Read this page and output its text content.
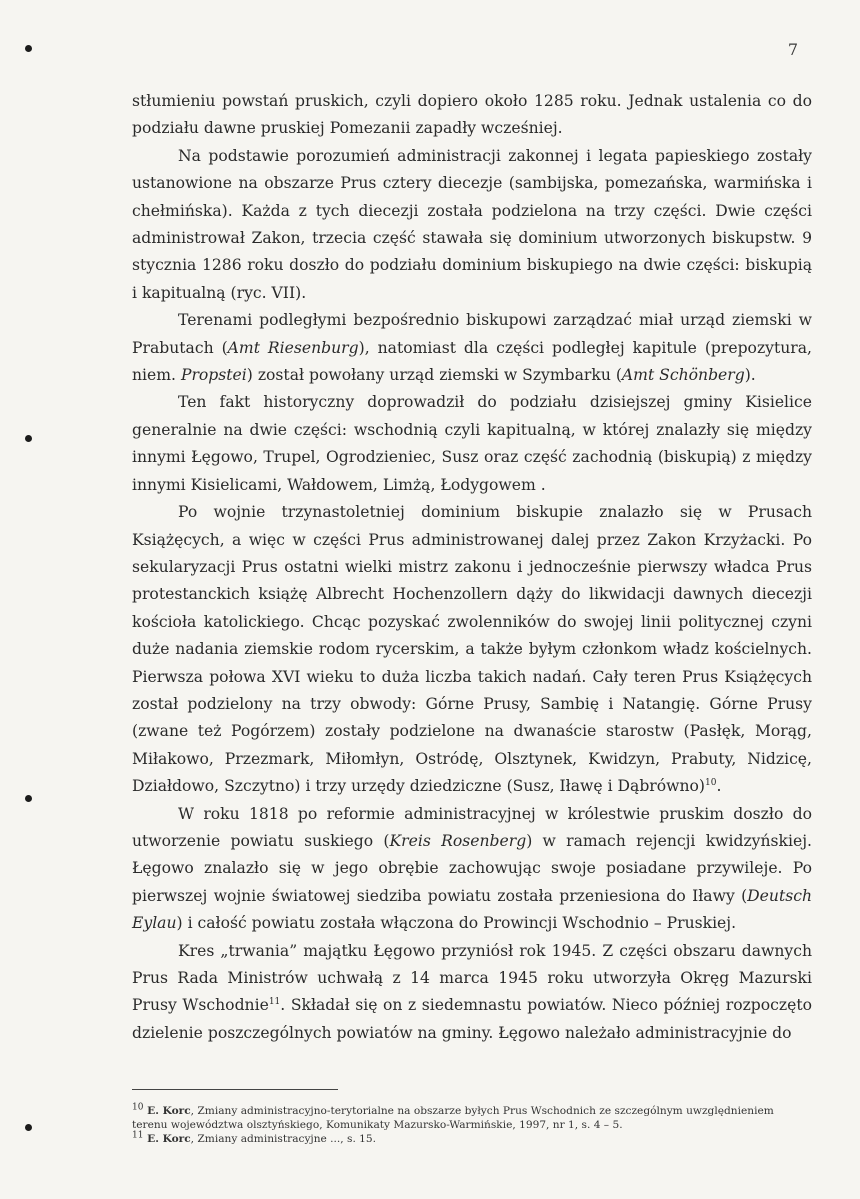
7

stłumieniu powstań pruskich, czyli dopiero około 1285 roku. Jednak ustalenia co do podziału dawne pruskiej Pomezanii zapadły wcześniej.

Na podstawie porozumień administracji zakonnej i legata papieskiego zostały ustanowione na obszarze Prus cztery diecezje (sambijska, pomezańska, warmińska i chełmińska). Każda z tych diecezji została podzielona na trzy części. Dwie części administrował Zakon, trzecia część stawała się dominium utworzonych biskupstw. 9 stycznia 1286 roku doszło do podziału dominium biskupiego na dwie części: biskupią i kapitualną (ryc. VII).

Terenami podległymi bezpośrednio biskupowi zarządzać miał urząd ziemski w Prabutach (Amt Riesenburg), natomiast dla części podległej kapitule (prepozytura, niem. Propstei) został powołany urząd ziemski w Szymbarku (Amt Schönberg).

Ten fakt historyczny doprowadził do podziału dzisiejszej gminy Kisielice generalnie na dwie części: wschodnią czyli kapitualną, w której znalazły się między innymi Łęgowo, Trupel, Ogrodzieniec, Susz oraz część zachodnią (biskupią) z między innymi Kisielicami, Wałdowem, Limżą, Łodygowem .

Po wojnie trzynastoletniej dominium biskupie znalazło się w Prusach Książęcych, a więc w części Prus administrowanej dalej przez Zakon Krzyżacki. Po sekularyzacji Prus ostatni wielki mistrz zakonu i jednocześnie pierwszy władca Prus protestanckich książę Albrecht Hochenzollern dąży do likwidacji dawnych diecezji kościoła katolickiego. Chcąc pozyskać zwolenników do swojej linii politycznej czyni duże nadania ziemskie rodom rycerskim, a także byłym członkom władz kościelnych. Pierwsza połowa XVI wieku to duża liczba takich nadań. Cały teren Prus Książęcych został podzielony na trzy obwody: Górne Prusy, Sambię i Natangię. Górne Prusy (zwane też Pogórzem) zostały podzielone na dwanaście starostw (Pasłęk, Morąg, Miłakowo, Przezmark, Miłomłyn, Ostródę, Olsztynek, Kwidzyn, Prabuty, Nidzicę, Działdowo, Szczytno) i trzy urzędy dziedziczne (Susz, Iławę i Dąbrówno)$^{10}$.

W roku 1818 po reformie administracyjnej w królestwie pruskim doszło do utworzenie powiatu suskiego (Kreis Rosenberg) w ramach rejencji kwidzyńskiej. Łęgowo znalazło się w jego obrębie zachowując swoje posiadane przywileje. Po pierwszej wojnie światowej siedziba powiatu została przeniesiona do Iławy (Deutsch Eylau) i całość powiatu została włączona do Prowincji Wschodnio – Pruskiej.

Kres „trwania” majątku Łęgowo przyniósł rok 1945. Z części obszaru dawnych Prus Rada Ministrów uchwałą z 14 marca 1945 roku utworzyła Okręg Mazurski Prusy Wschodnie$^{11}$. Składał się on z siedemnastu powiatów. Nieco później rozpoczęto dzielenie poszczególnych powiatów na gminy. Łęgowo należało administracyjnie do

$^{10}$ E. Korc, Zmiany administracyjno-terytorialne na obszarze byłych Prus Wschodnich ze szczególnym uwzględnieniem terenu województwa olsztyńskiego, Komunikaty Mazursko-Warmińskie, 1997, nr 1, s. 4 – 5.

$^{11}$ E. Korc, Zmiany administracyjne ..., s. 15.
